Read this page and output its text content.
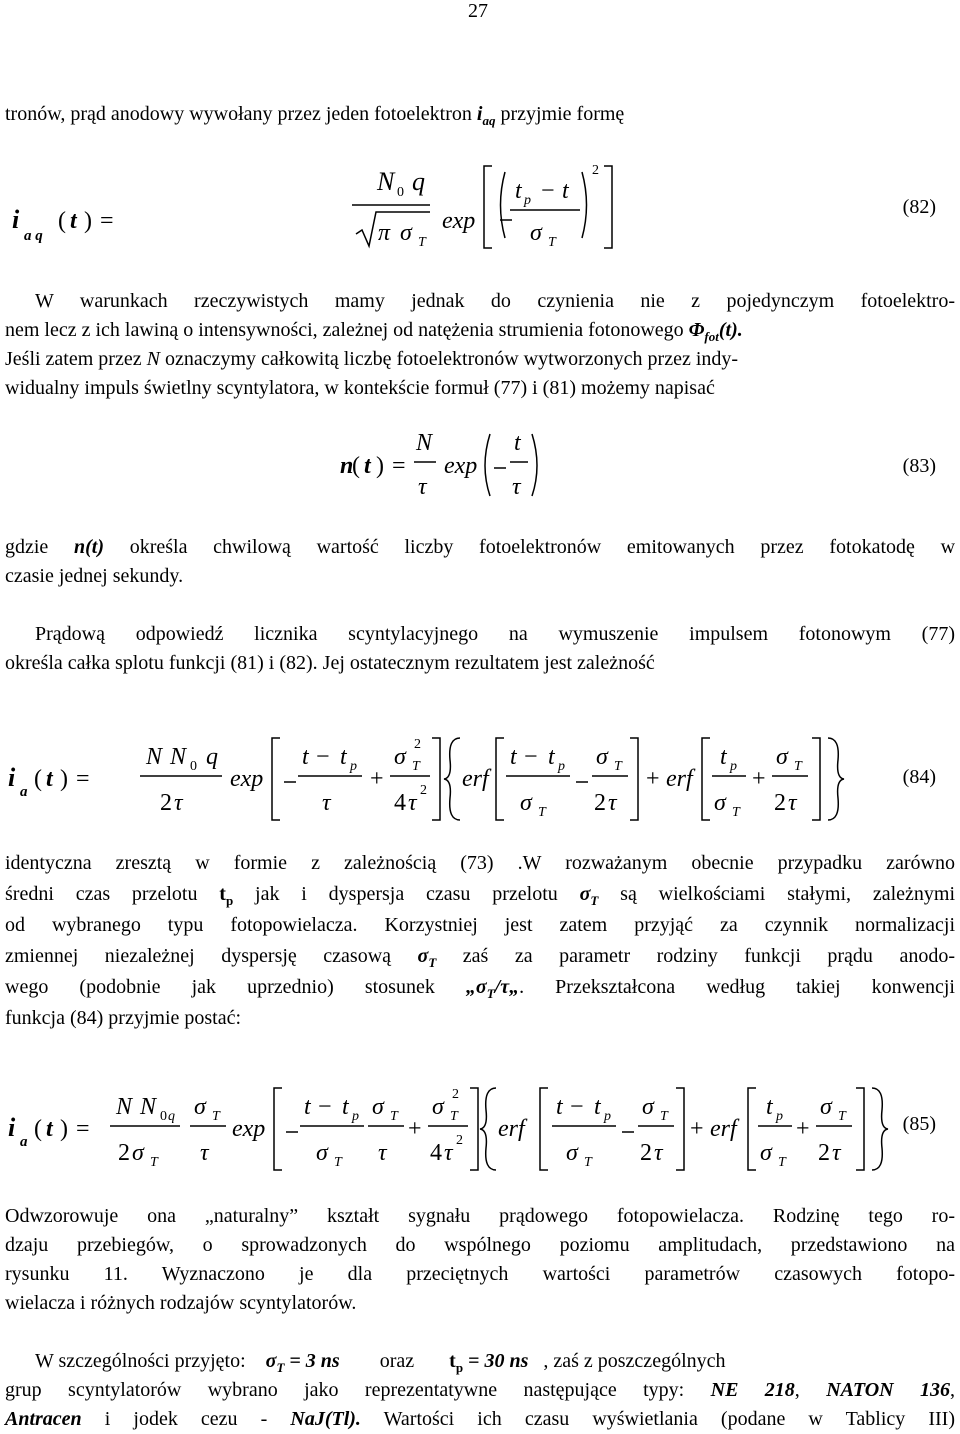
27
tronów, prąd anodowy wywołany przez jeden fotoelektron $i_{aq}$ przyjmie formę
i
a q
( t ) =
N 0 q
π σ T
exp
t p − t
σ T
2
(82)
W warunkach rzeczywistych mamy jednak do czynienia nie z pojedynczym fotoelektro-
nem lecz z ich lawiną o intensywności, zależnej od natężenia strumienia fotonowego $\Phi_{fot}(t)$.
Jeśli zatem przez N oznaczymy całkowitą liczbę fotoelektronów wytworzonych przez indy-
widualny impuls świetlny scyntylatora, w kontekście formuł (77) i (81) możemy napisać
n
( t ) =
N
τ
exp
t
τ
(83)
gdzie n(t) określa chwilową wartość liczby fotoelektronów emitowanych przez fotokatodę w
czasie jednej sekundy.
Prądową odpowiedź licznika scyntylacyjnego na wymuszenie impulsem fotonowym (77)
określa całka splotu funkcji (81) i (82). Jej ostatecznym rezultatem jest zależność
i a ( t ) =
N N 0 q
2 τ
exp
t − t p
τ
+
σ T
2
4 τ 2 erf
t − t p
σ T
σ T
2 τ
+ erf
t p
σ T
+
σ T
2 τ
(84)
identyczna zresztą w formie z zależnością (73) .W rozważanym obecnie przypadku zarówno
średni czas przelotu $t_p$ jak i dyspersja czasu przelotu $\sigma_T$ są wielkościami stałymi, zależnymi
od wybranego typu fotopowielacza. Korzystniej jest zatem przyjąć za czynnik normalizacji
zmiennej niezależnej dyspersję czasową $\sigma_T$ zaś za parametr rodziny funkcji prądu anodo-
wego (podobnie jak uprzednio) stosunek $„\sigma_T/\tau„$. Przekształcona według takiej konwencji
funkcja (84) przyjmie postać:
i a ( t ) =
N N 0 q
2 σ T
σ T
τ
exp
t − t p
σ T
σ T
τ
+
σ T
2
4 τ 2 erf
t − t p
σ T
σ T
2 τ
+ erf
t p
σ T
+
σ T
2 τ
(85)
Odwzorowuje ona „naturalny” kształt sygnału prądowego fotopowielacza. Rodzinę tego ro-
dzaju przebiegów, o sprowadzonych do wspólnego poziomu amplitudach, przedstawiono na
rysunku 11. Wyznaczono je dla przeciętnych wartości parametrów czasowych fotopo-
wielacza i różnych rodzajów scyntylatorów.
W szczególności przyjęto:    $\sigma_T = 3$ ns oraz $t_p = 30$ ns , zaś z poszczególnych
grup scyntylatorów wybrano jako reprezentatywne następujące typy: NE 218, NATON 136,
Antracen i jodek cezu - NaJ(Tl). Wartości ich czasu wyświetlania (podane w Tablicy III)
